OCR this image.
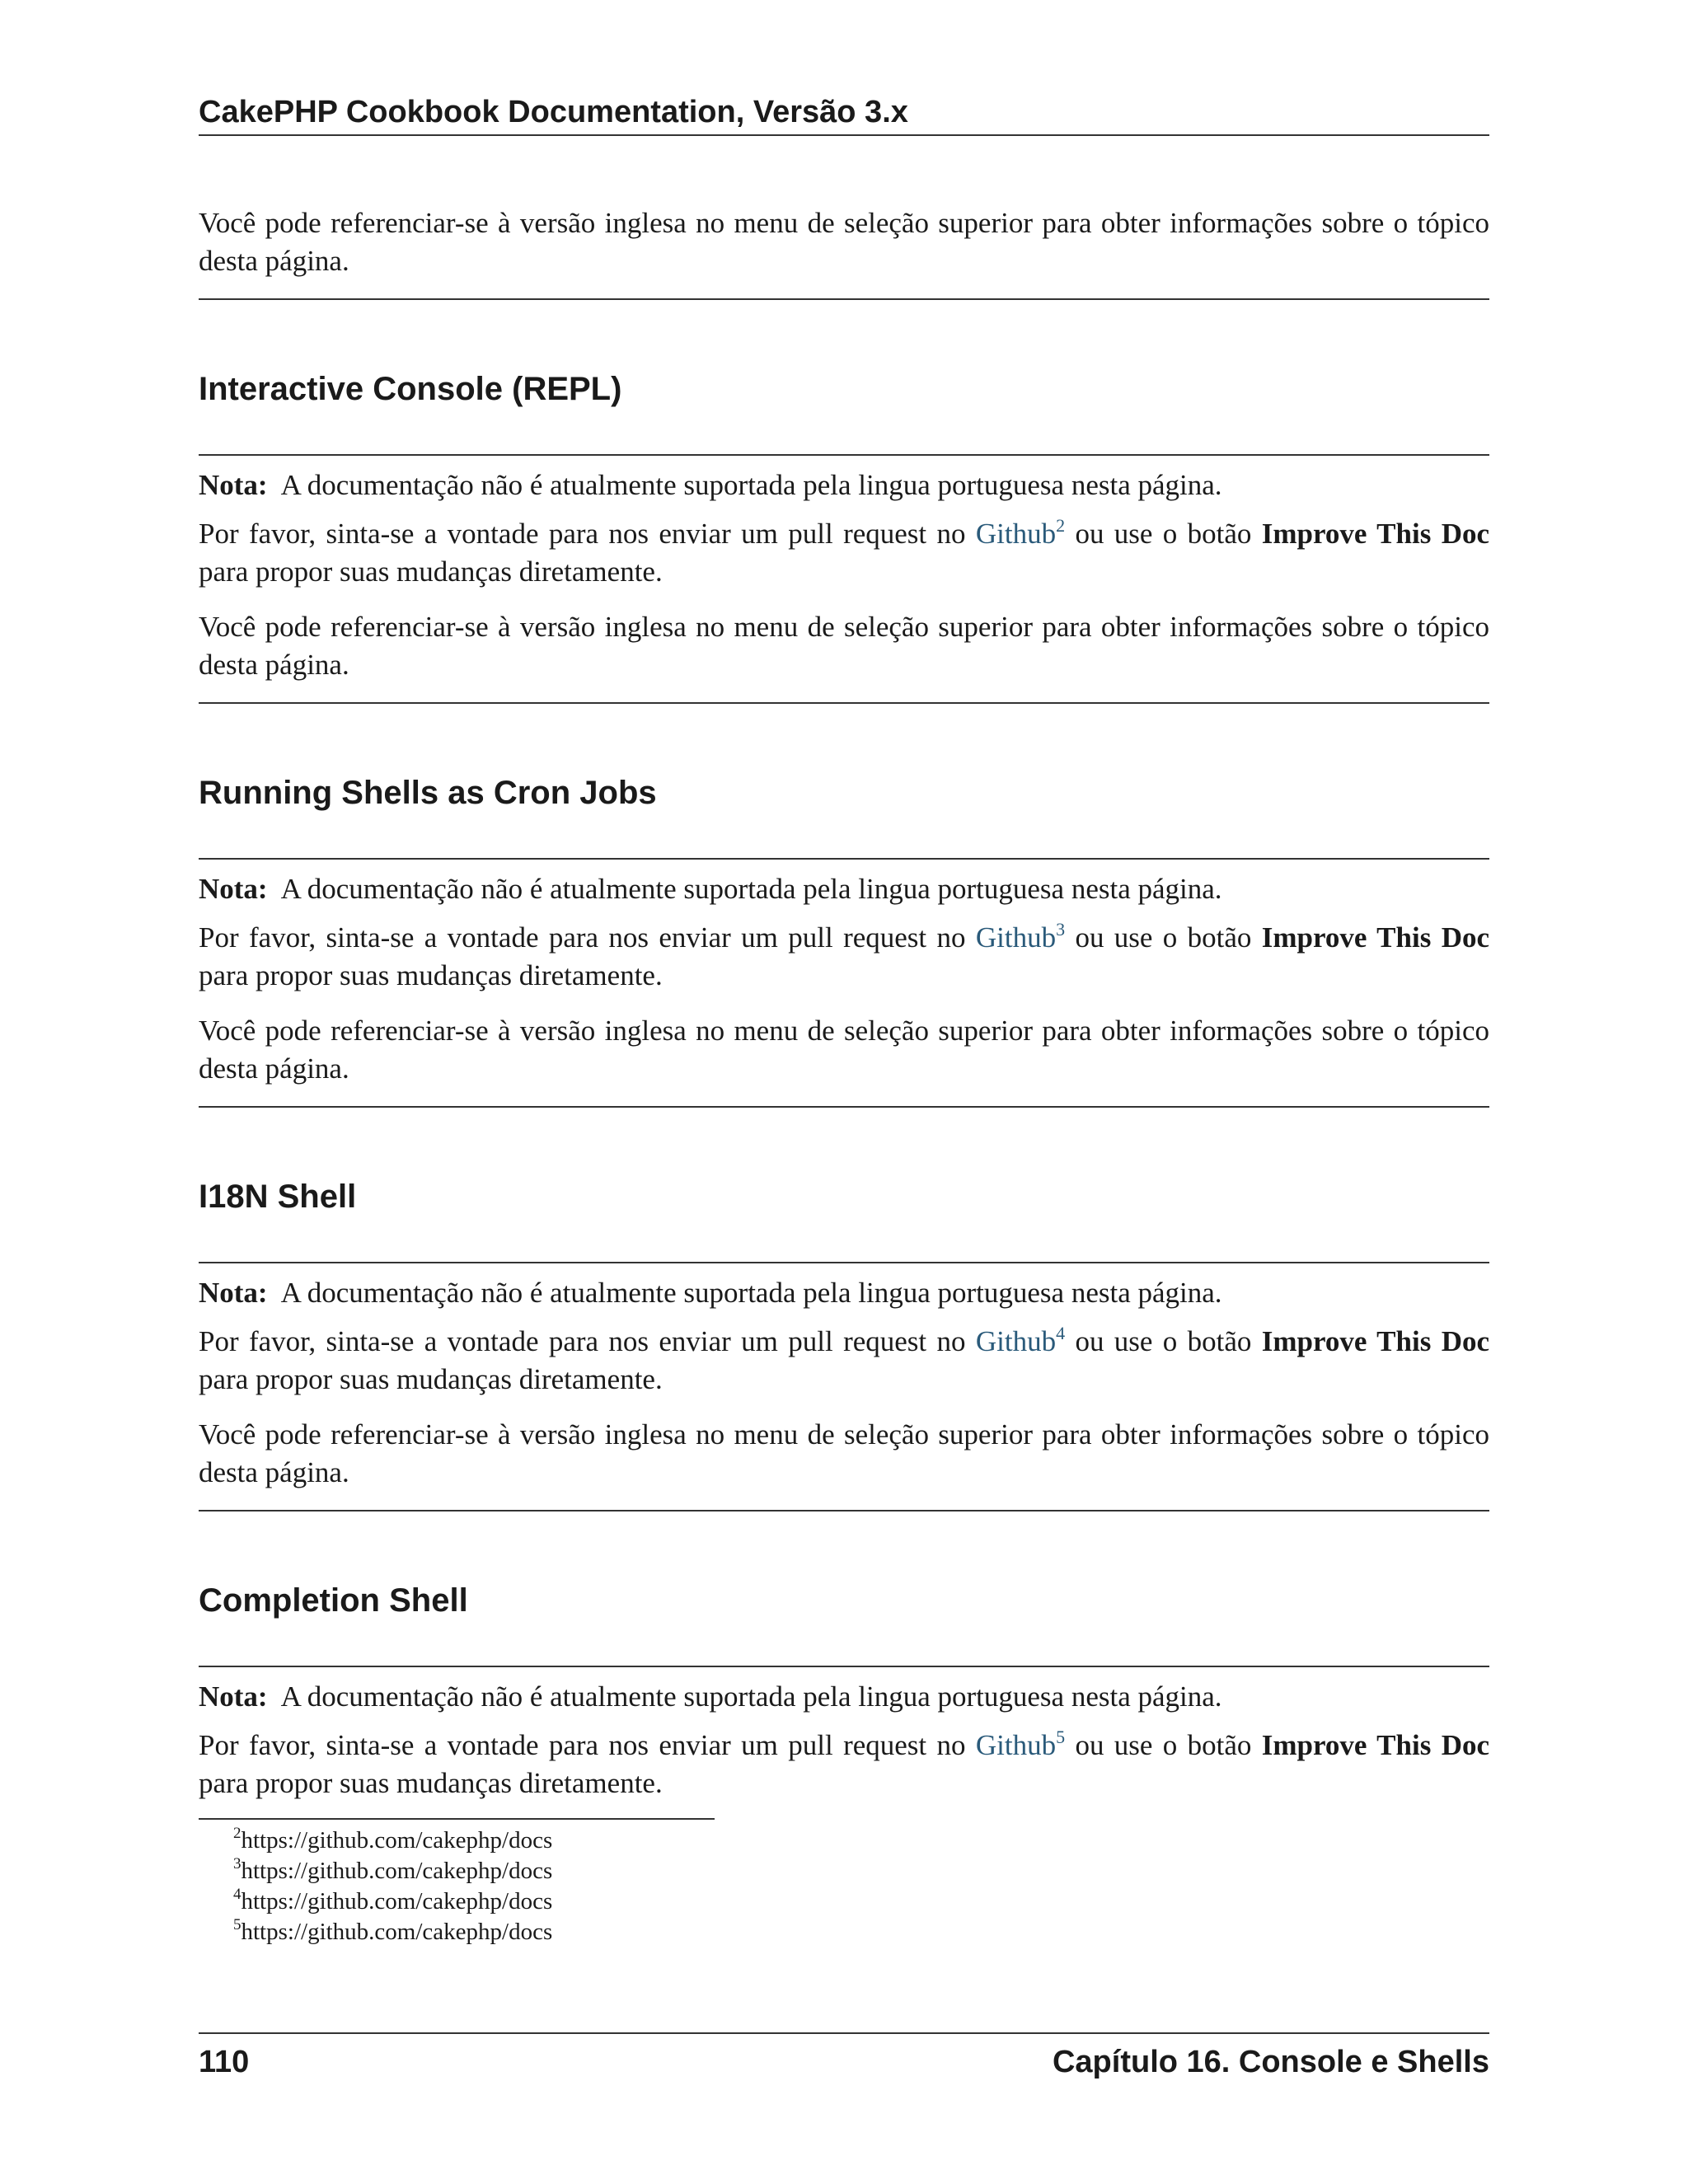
CakePHP Cookbook Documentation, Versão 3.x

Você pode referenciar-se à versão inglesa no menu de seleção superior para obter informações sobre o tópico desta página.

Interactive Console (REPL)

Nota: A documentação não é atualmente suportada pela lingua portuguesa nesta página.

Por favor, sinta-se a vontade para nos enviar um pull request no Github$^2$ ou use o botão Improve This Doc para propor suas mudanças diretamente.

Você pode referenciar-se à versão inglesa no menu de seleção superior para obter informações sobre o tópico desta página.

Running Shells as Cron Jobs

Nota: A documentação não é atualmente suportada pela lingua portuguesa nesta página.

Por favor, sinta-se a vontade para nos enviar um pull request no Github$^3$ ou use o botão Improve This Doc para propor suas mudanças diretamente.

Você pode referenciar-se à versão inglesa no menu de seleção superior para obter informações sobre o tópico desta página.

I18N Shell

Nota: A documentação não é atualmente suportada pela lingua portuguesa nesta página.

Por favor, sinta-se a vontade para nos enviar um pull request no Github$^4$ ou use o botão Improve This Doc para propor suas mudanças diretamente.

Você pode referenciar-se à versão inglesa no menu de seleção superior para obter informações sobre o tópico desta página.

Completion Shell

Nota: A documentação não é atualmente suportada pela lingua portuguesa nesta página.

Por favor, sinta-se a vontade para nos enviar um pull request no Github$^5$ ou use o botão Improve This Doc para propor suas mudanças diretamente.

$^2$https://github.com/cakephp/docs

$^3$https://github.com/cakephp/docs

$^4$https://github.com/cakephp/docs

$^5$https://github.com/cakephp/docs

110	Capítulo 16. Console e Shells
